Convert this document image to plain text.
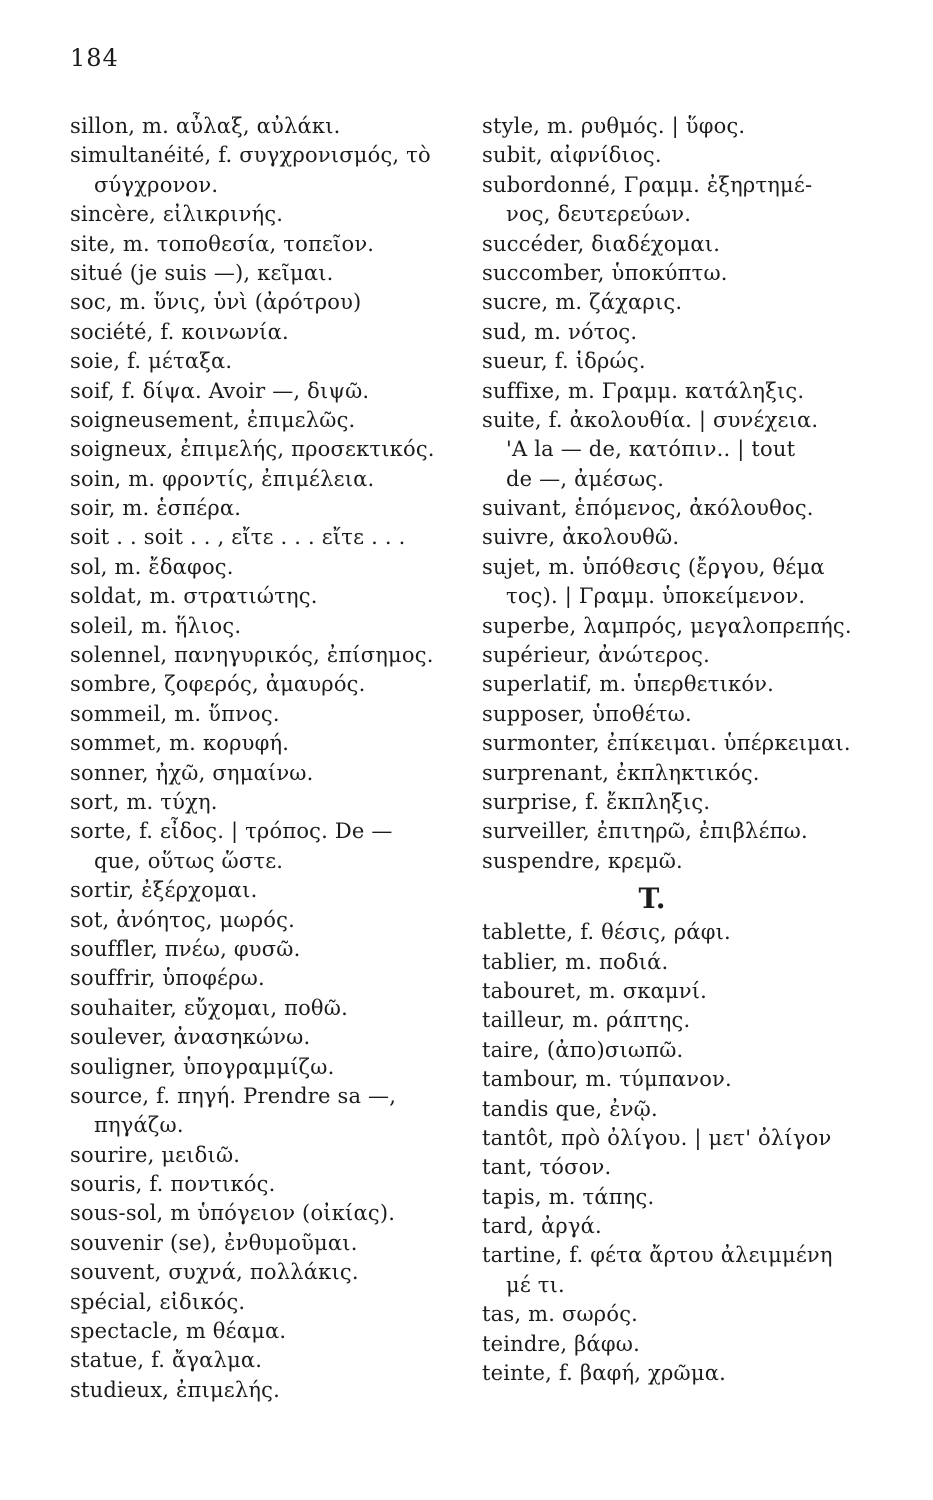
184
sillon, m. αὖλαξ, αὐλάκι.
simultanéité, f. συγχρονισμός, τὸ
σύγχρονον.
sincère, εἰλικρινής.
site, m. τοποθεσία, τοπεῖον.
situé (je suis —), κεῖμαι.
soc, m. ὕνις, ὑνὶ (ἀρότρου)
société, f. κοινωνία.
soie, f. μέταξα.
soif, f. δίψα. Avoir —, διψῶ.
soigneusement, ἐπιμελῶς.
soigneux, ἐπιμελής, προσεκτικός.
soin, m. φροντίς, ἐπιμέλεια.
soir, m. ἑσπέρα.
soit . . soit . . , εἴτε . . . εἴτε . . .
sol, m. ἔδαφος.
soldat, m. στρατιώτης.
soleil, m. ἥλιος.
solennel, πανηγυρικός, ἐπίσημος.
sombre, ζοφερός, ἀμαυρός.
sommeil, m. ὕπνος.
sommet, m. κορυφή.
sonner, ἠχῶ, σημαίνω.
sort, m. τύχη.
sorte, f. εἶδος. | τρόπος. De —
que, οὕτως ὥστε.
sortir, ἐξέρχομαι.
sot, ἀνόητος, μωρός.
souffler, πνέω, φυσῶ.
souffrir, ὑποφέρω.
souhaiter, εὔχομαι, ποθῶ.
soulever, ἀνασηκώνω.
souligner, ὑπογραμμίζω.
source, f. πηγή. Prendre sa —,
πηγάζω.
sourire, μειδιῶ.
souris, f. ποντικός.
sous-sol, m ὑπόγειον (οἰκίας).
souvenir (se), ἐνθυμοῦμαι.
souvent, συχνά, πολλάκις.
spécial, εἰδικός.
spectacle, m θέαμα.
statue, f. ἄγαλμα.
studieux, ἐπιμελής.
style, m. ρυθμός. | ὕφος.
subit, αἰφνίδιος.
subordonné, Γραμμ. ἐξηρτημέ-
νος, δευτερεύων.
succéder, διαδέχομαι.
succomber, ὑποκύπτω.
sucre, m. ζάχαρις.
sud, m. νότος.
sueur, f. ἱδρώς.
suffixe, m. Γραμμ. κατάληξις.
suite, f. ἀκολουθία. | συνέχεια.
'A la — de, κατόπιν.. | tout
de —, ἀμέσως.
suivant, ἑπόμενος, ἀκόλουθος.
suivre, ἀκολουθῶ.
sujet, m. ὑπόθεσις (ἔργου, θέμα
τος). | Γραμμ. ὑποκείμενον.
superbe, λαμπρός, μεγαλοπρεπής.
supérieur, ἀνώτερος.
superlatif, m. ὑπερθετικόν.
supposer, ὑποθέτω.
surmonter, ἐπίκειμαι. ὑπέρκειμαι.
surprenant, ἐκπληκτικός.
surprise, f. ἔκπληξις.
surveiller, ἐπιτηρῶ, ἐπιβλέπω.
suspendre, κρεμῶ.
T.
tablette, f. θέσις, ράφι.
tablier, m. ποδιά.
tabouret, m. σκαμνί.
tailleur, m. ράπτης.
taire, (ἀπο)σιωπῶ.
tambour, m. τύμπανον.
tandis que, ἐνῷ.
tantôt, πρὸ ὀλίγου. | μετ' ὀλίγον
tant, τόσον.
tapis, m. τάπης.
tard, ἀργά.
tartine, f. φέτα ἄρτου ἀλειμμένη
μέ τι.
tas, m. σωρός.
teindre, βάφω.
teinte, f. βαφή, χρῶμα.
